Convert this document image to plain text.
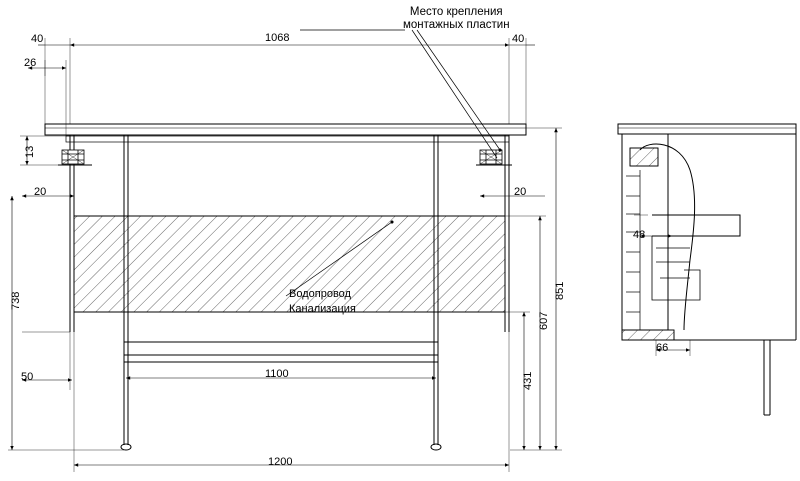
Место крепления
монтажных пластин
1068
40	40
26
13
20	20
738
50	1100
1200
851
607
431
48
66
Водопровод
Канализация
